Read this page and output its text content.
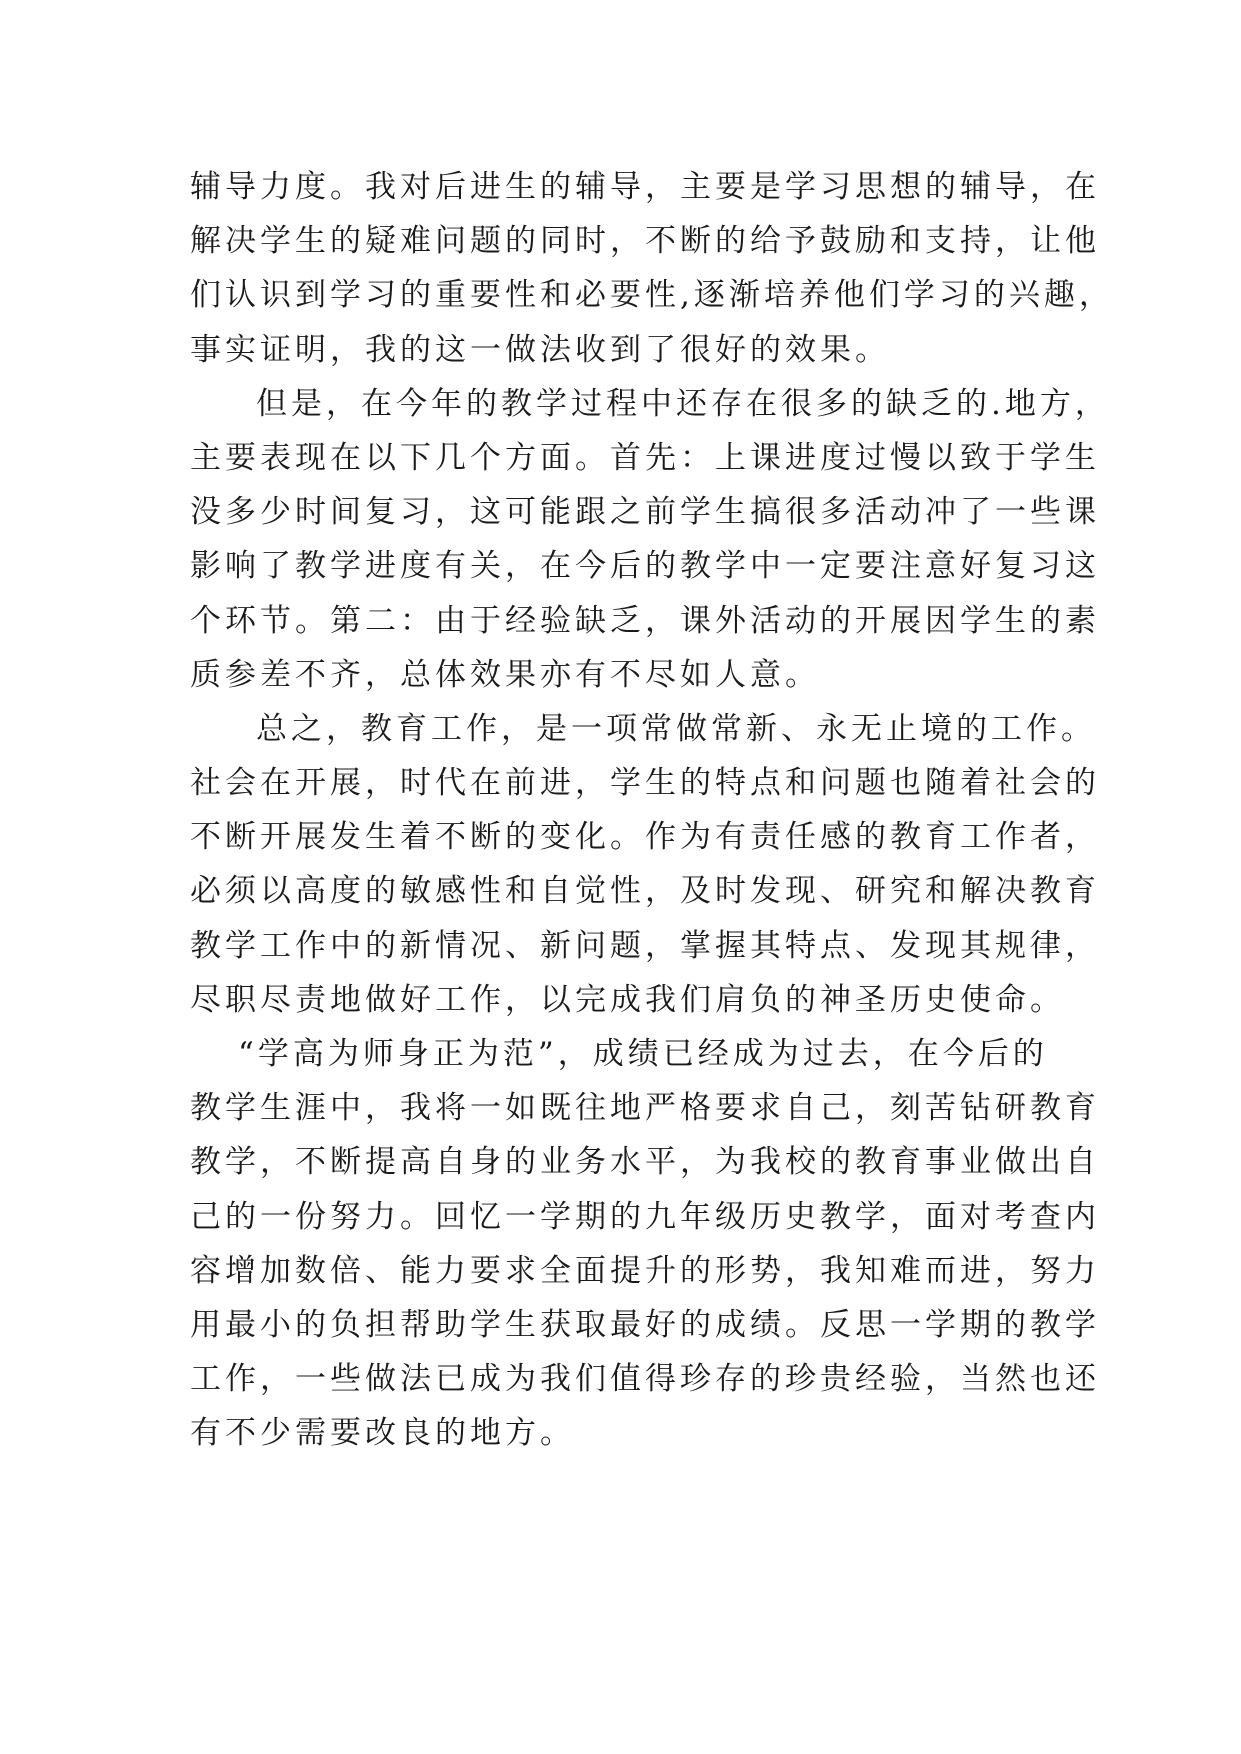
辅导力度。我对后进生的辅导，主要是学习思想的辅导，在
解决学生的疑难问题的同时，不断的给予鼓励和支持，让他
们认识到学习的重要性和必要性,逐渐培养他们学习的兴趣，
事实证明，我的这一做法收到了很好的效果。
但是，在今年的教学过程中还存在很多的缺乏的.地方，
主要表现在以下几个方面。首先：上课进度过慢以致于学生
没多少时间复习，这可能跟之前学生搞很多活动冲了一些课
影响了教学进度有关，在今后的教学中一定要注意好复习这
个环节。第二：由于经验缺乏，课外活动的开展因学生的素
质参差不齐，总体效果亦有不尽如人意。
总之，教育工作，是一项常做常新、永无止境的工作。
社会在开展，时代在前进，学生的特点和问题也随着社会的
不断开展发生着不断的变化。作为有责任感的教育工作者，
必须以高度的敏感性和自觉性，及时发现、研究和解决教育
教学工作中的新情况、新问题，掌握其特点、发现其规律，
尽职尽责地做好工作，以完成我们肩负的神圣历史使命。
“学高为师身正为范”，成绩已经成为过去，在今后的
教学生涯中，我将一如既往地严格要求自己，刻苦钻研教育
教学，不断提高自身的业务水平，为我校的教育事业做出自
己的一份努力。回忆一学期的九年级历史教学，面对考查内
容增加数倍、能力要求全面提升的形势，我知难而进，努力
用最小的负担帮助学生获取最好的成绩。反思一学期的教学
工作，一些做法已成为我们值得珍存的珍贵经验，当然也还
有不少需要改良的地方。
